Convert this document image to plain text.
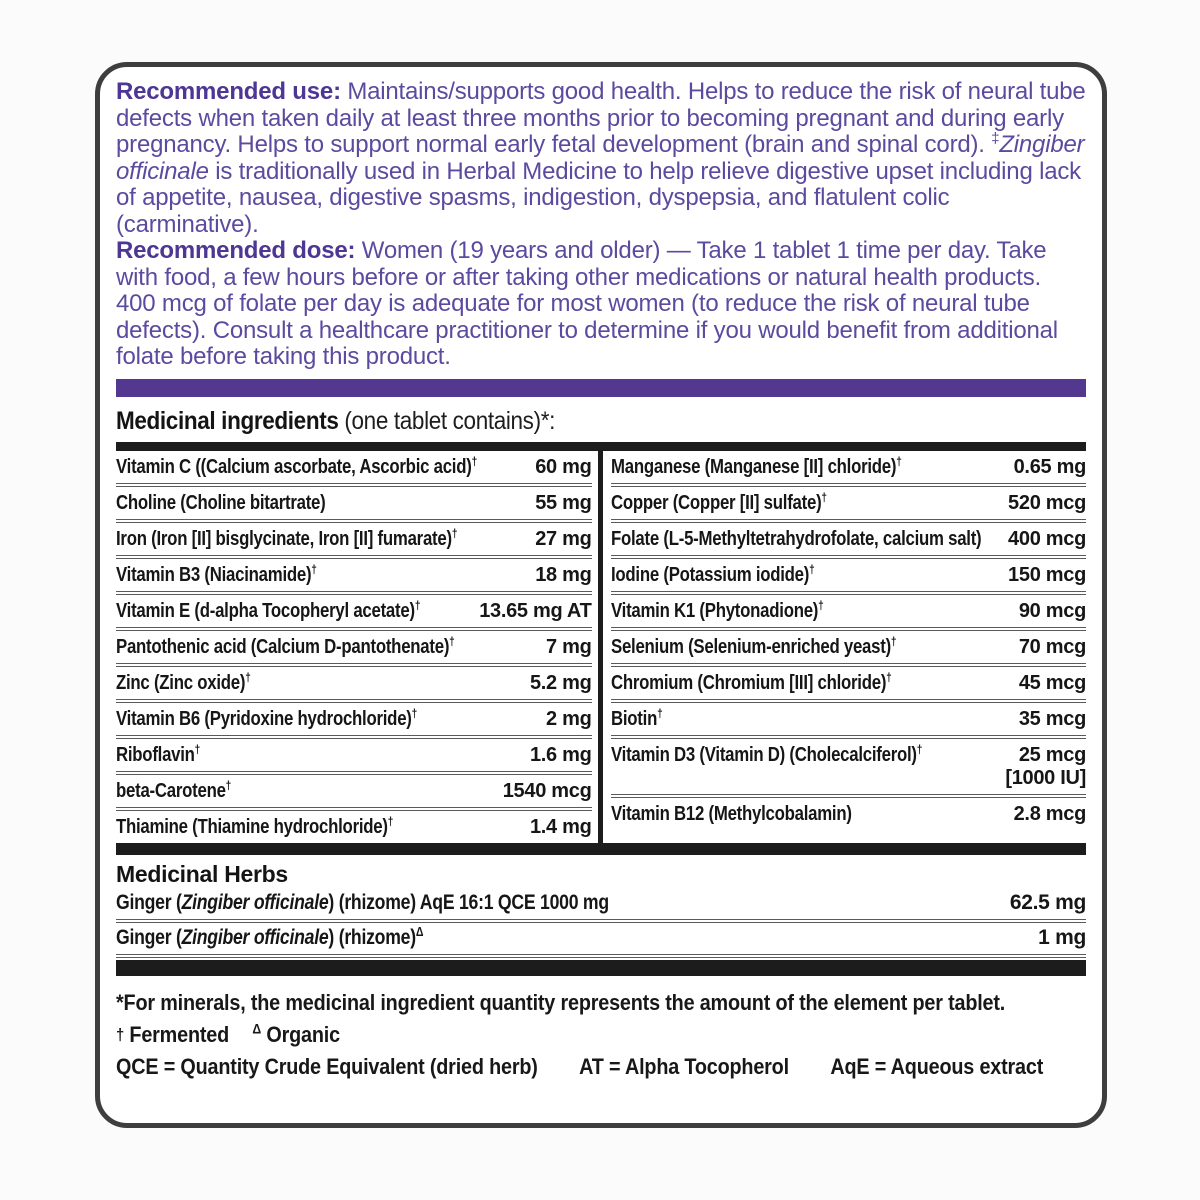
Recommended use: Maintains/supports good health. Helps to reduce the risk of neural tube defects when taken daily at least three months prior to becoming pregnant and during early pregnancy. Helps to support normal early fetal development (brain and spinal cord). ‡Zingiber officinale is traditionally used in Herbal Medicine to help relieve digestive upset including lack of appetite, nausea, digestive spasms, indigestion, dyspepsia, and flatulent colic (carminative).

Recommended dose: Women (19 years and older) — Take 1 tablet 1 time per day. Take with food, a few hours before or after taking other medications or natural health products. 400 mcg of folate per day is adequate for most women (to reduce the risk of neural tube defects). Consult a healthcare practitioner to determine if you would benefit from additional folate before taking this product.

Medicinal ingredients (one tablet contains)*:
Vitamin C ((Calcium ascorbate, Ascorbic acid)†	60 mg
Choline (Choline bitartrate)	55 mg
Iron (Iron [II] bisglycinate, Iron [II] fumarate)†	27 mg
Vitamin B3 (Niacinamide)†	18 mg
Vitamin E (d-alpha Tocopheryl acetate)†	13.65 mg AT
Pantothenic acid (Calcium D-pantothenate)†	7 mg
Zinc (Zinc oxide)†	5.2 mg
Vitamin B6 (Pyridoxine hydrochloride)†	2 mg
Riboflavin†	1.6 mg
beta-Carotene†	1540 mcg
Thiamine (Thiamine hydrochloride)†	1.4 mg
Manganese (Manganese [II] chloride)†	0.65 mg
Copper (Copper [II] sulfate)†	520 mcg
Folate (L-5-Methyltetrahydrofolate, calcium salt)	400 mcg
Iodine (Potassium iodide)†	150 mcg
Vitamin K1 (Phytonadione)†	90 mcg
Selenium (Selenium-enriched yeast)†	70 mcg
Chromium (Chromium [III] chloride)†	45 mcg
Biotin†	35 mcg
Vitamin D3 (Vitamin D) (Cholecalciferol)†	25 mcg
[1000 IU]
Vitamin B12 (Methylcobalamin)	2.8 mcg
Medicinal Herbs
Ginger (Zingiber officinale) (rhizome) AqE 16:1 QCE 1000 mg	62.5 mg
Ginger (Zingiber officinale) (rhizome)$^\Delta$	1 mg
*For minerals, the medicinal ingredient quantity represents the amount of the element per tablet.
† Fermented $^\Delta$ Organic
QCE = Quantity Crude Equivalent (dried herb) AT = Alpha Tocopherol AqE = Aqueous extract
